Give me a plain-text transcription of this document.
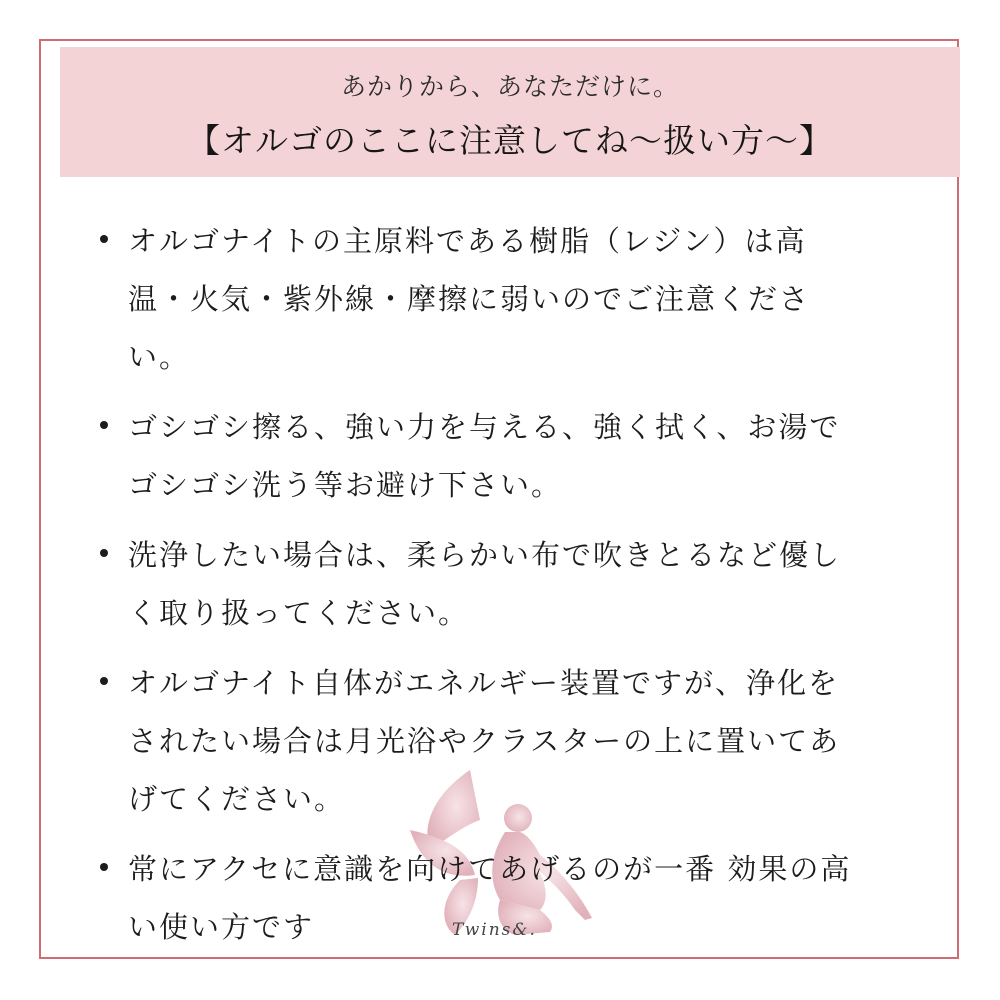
あかりから、あなただけに。
【オルゴのここに注意してね〜扱い方〜】
オルゴナイトの主原料である樹脂（レジン）は高
温・火気・紫外線・摩擦に弱いのでご注意くださ
い。
ゴシゴシ擦る、強い力を与える、強く拭く、お湯で
ゴシゴシ洗う等お避け下さい。
洗浄したい場合は、柔らかい布で吹きとるなど優し
く取り扱ってください。
オルゴナイト自体がエネルギー装置ですが、浄化を
されたい場合は月光浴やクラスターの上に置いてあ
げてください。
常にアクセに意識を向けてあげるのが一番 効果の高
い使い方です	Twins&.
